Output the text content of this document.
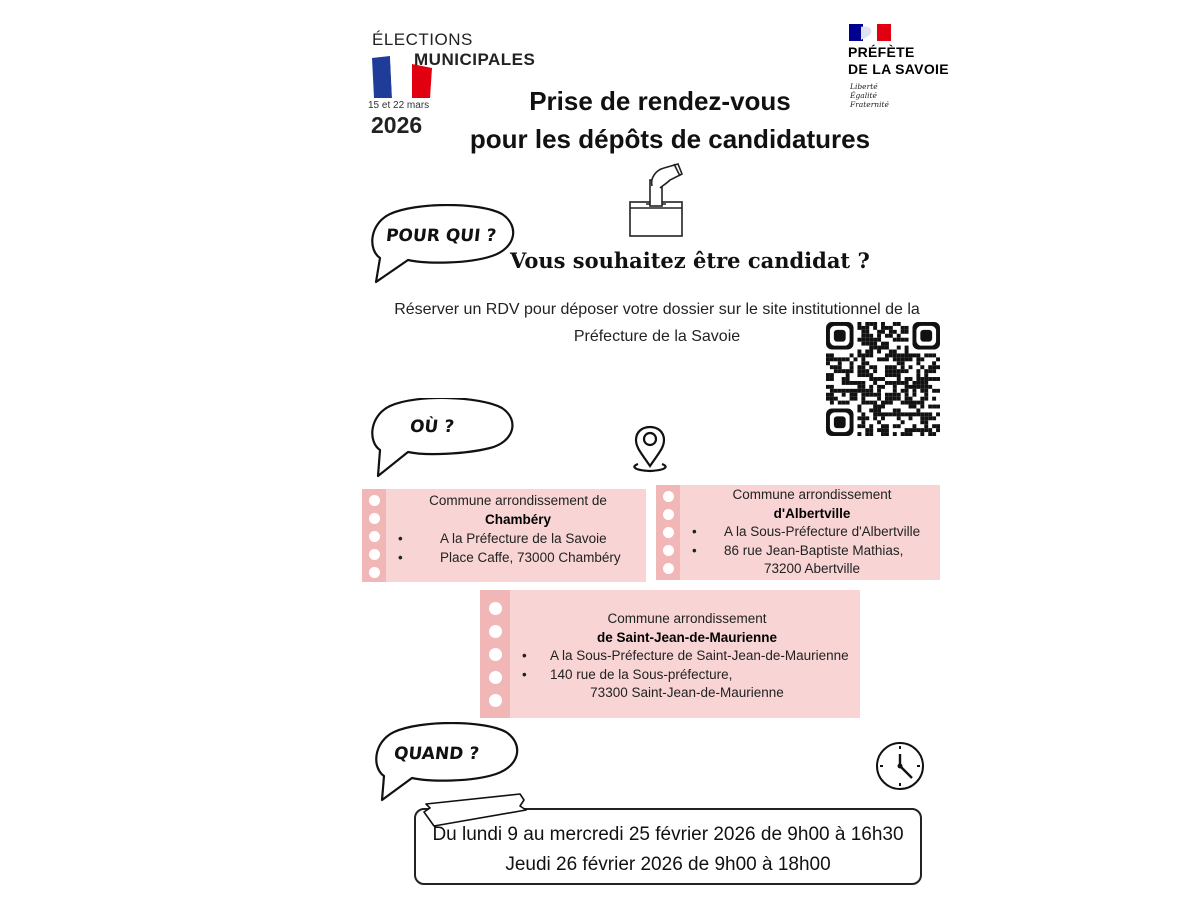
ÉLECTIONS
MUNICIPALES
15 et 22 mars
2026
PRÉFÈTE
DE LA SAVOIE
Liberté
Égalité
Fraternité
Prise de rendez-vous
pour les dépôts de candidatures
POUR QUI ?
Vous souhaitez être candidat ?
Réserver un RDV pour déposer votre dossier sur le site institutionnel de la
Préfecture de la Savoie
OÙ ?
Commune arrondissement de
Chambéry
• A la Préfecture de la Savoie
• Place Caffe, 73000 Chambéry
Commune arrondissement
d'Albertville
• A la Sous-Préfecture d'Albertville
• 86 rue Jean-Baptiste Mathias,
73200 Abertville
Commune arrondissement
de Saint-Jean-de-Maurienne
• A la Sous-Préfecture de Saint-Jean-de-Maurienne
• 140 rue de la Sous-préfecture,
73300 Saint-Jean-de-Maurienne
QUAND ?
Du lundi 9 au mercredi 25 février 2026 de 9h00 à 16h30
Jeudi 26 février 2026 de 9h00 à 18h00
